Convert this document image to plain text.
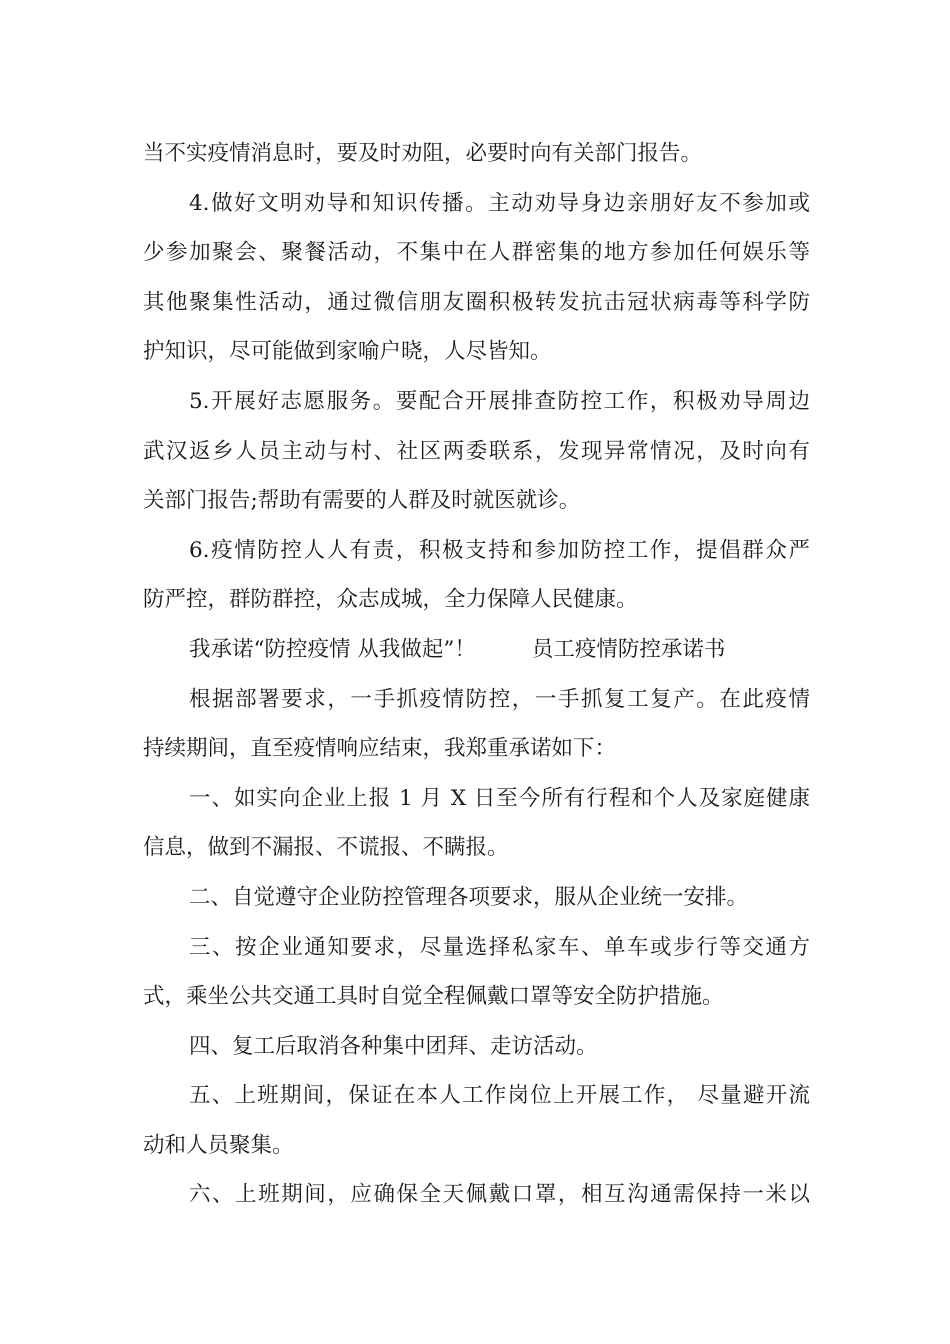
当不实疫情消息时，要及时劝阻，必要时向有关部门报告。
4.做好文明劝导和知识传播。主动劝导身边亲朋好友不参加或
少参加聚会、聚餐活动，不集中在人群密集的地方参加任何娱乐等
其他聚集性活动，通过微信朋友圈积极转发抗击冠状病毒等科学防
护知识，尽可能做到家喻户晓，人尽皆知。
5.开展好志愿服务。要配合开展排查防控工作，积极劝导周边
武汉返乡人员主动与村、社区两委联系，发现异常情况，及时向有
关部门报告;帮助有需要的人群及时就医就诊。
6.疫情防控人人有责，积极支持和参加防控工作，提倡群众严
防严控，群防群控，众志成城，全力保障人民健康。
我承诺“防控疫情 从我做起”！	员工疫情防控承诺书
根据部署要求，一手抓疫情防控，一手抓复工复产。在此疫情
持续期间，直至疫情响应结束，我郑重承诺如下：
一、如实向企业上报 1 月 X 日至今所有行程和个人及家庭健康
信息，做到不漏报、不谎报、不瞒报。
二、自觉遵守企业防控管理各项要求，服从企业统一安排。
三、按企业通知要求，尽量选择私家车、单车或步行等交通方
式，乘坐公共交通工具时自觉全程佩戴口罩等安全防护措施。
四、复工后取消各种集中团拜、走访活动。
五、上班期间，保证在本人工作岗位上开展工作， 尽量避开流
动和人员聚集。
六、上班期间，应确保全天佩戴口罩，相互沟通需保持一米以
